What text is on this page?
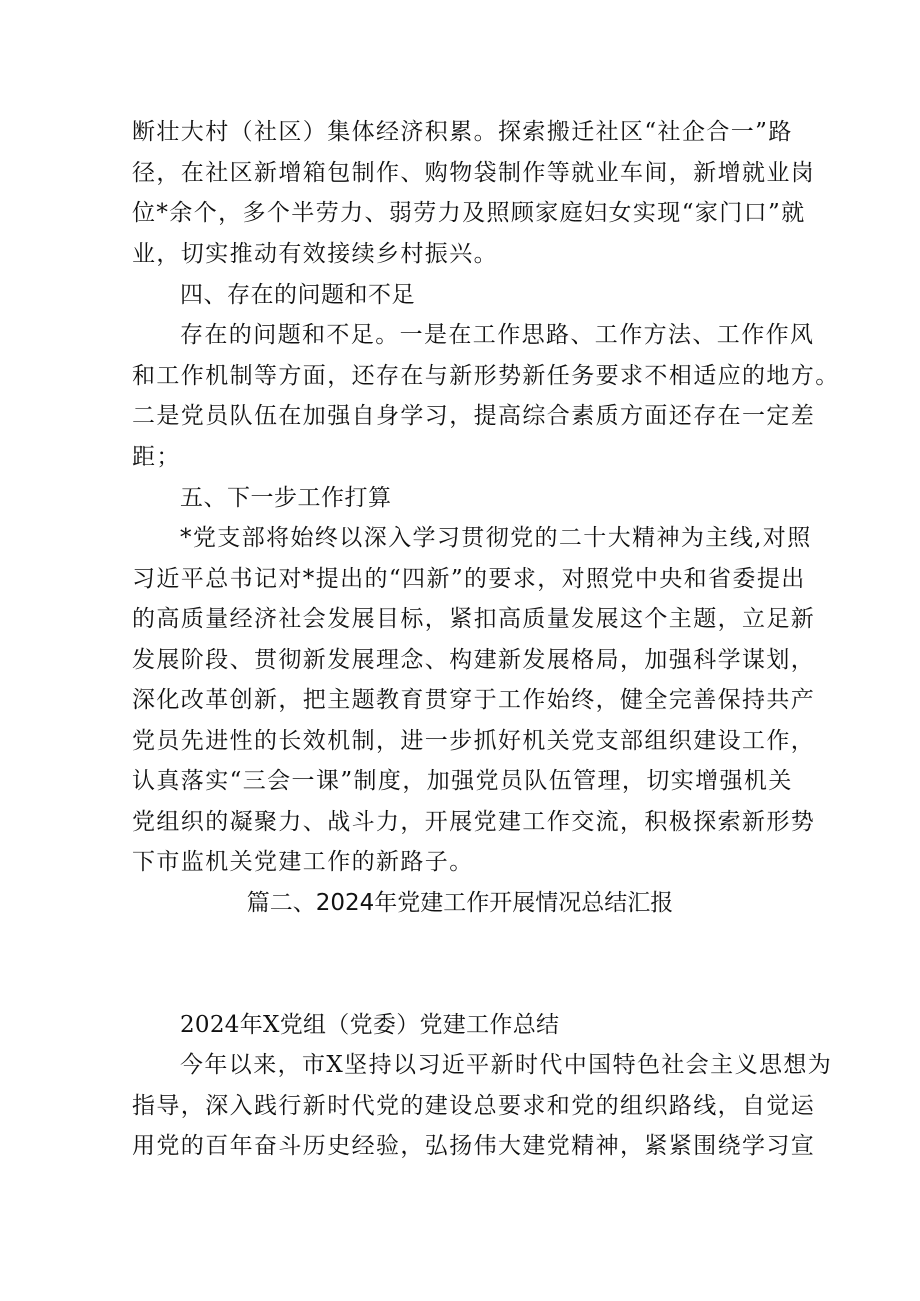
断壮大村（社区）集体经济积累。探索搬迁社区“社企合一”路
径，在社区新增箱包制作、购物袋制作等就业车间，新增就业岗
位*余个，多个半劳力、弱劳力及照顾家庭妇女实现“家门口”就
业，切实推动有效接续乡村振兴。
四、存在的问题和不足
存在的问题和不足。一是在工作思路、工作方法、工作作风
和工作机制等方面，还存在与新形势新任务要求不相适应的地方。
二是党员队伍在加强自身学习，提高综合素质方面还存在一定差
距；
五、下一步工作打算
*党支部将始终以深入学习贯彻党的二十大精神为主线,对照
习近平总书记对*提出的“四新”的要求，对照党中央和省委提出
的高质量经济社会发展目标，紧扣高质量发展这个主题，立足新
发展阶段、贯彻新发展理念、构建新发展格局，加强科学谋划，
深化改革创新，把主题教育贯穿于工作始终，健全完善保持共产
党员先进性的长效机制，进一步抓好机关党支部组织建设工作，
认真落实“三会一课”制度，加强党员队伍管理，切实增强机关
党组织的凝聚力、战斗力，开展党建工作交流，积极探索新形势
下市监机关党建工作的新路子。
篇二、2024年党建工作开展情况总结汇报
2024年X党组（党委）党建工作总结
今年以来，市X坚持以习近平新时代中国特色社会主义思想为
指导，深入践行新时代党的建设总要求和党的组织路线，自觉运
用党的百年奋斗历史经验，弘扬伟大建党精神，紧紧围绕学习宣
